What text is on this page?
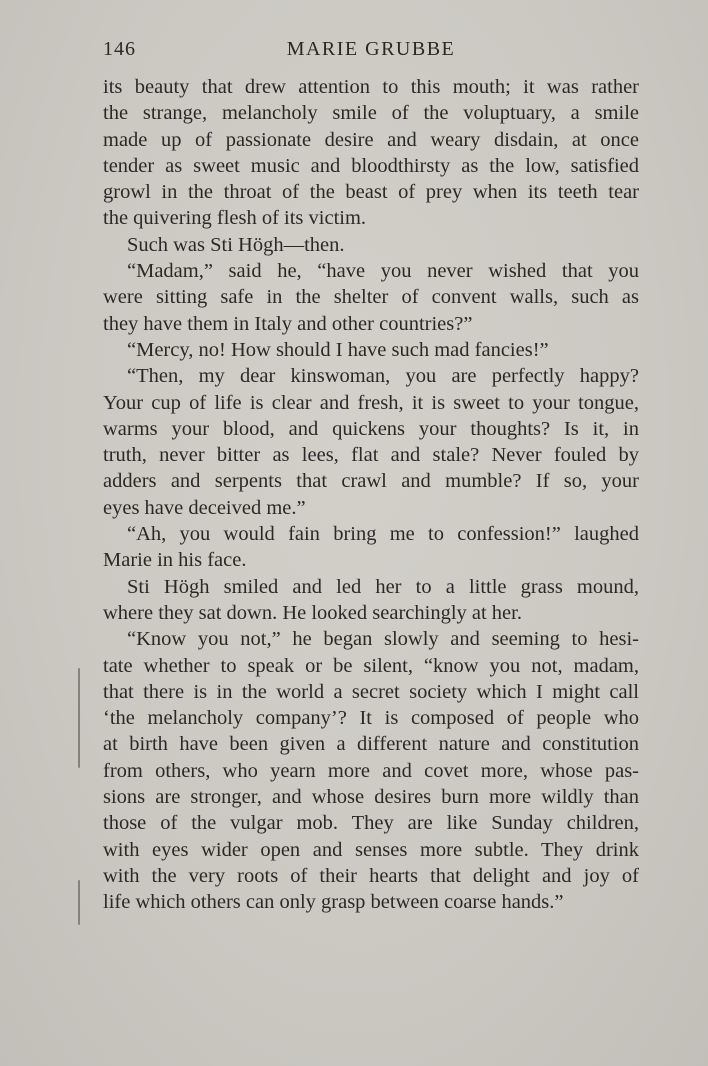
146	MARIE GRUBBE
its beauty that drew attention to this mouth; it was rather
the strange, melancholy smile of the voluptuary, a smile
made up of passionate desire and weary disdain, at once
tender as sweet music and bloodthirsty as the low, satisfied
growl in the throat of the beast of prey when its teeth tear
the quivering flesh of its victim.
Such was Sti Högh—then.
“Madam,” said he, “have you never wished that you
were sitting safe in the shelter of convent walls, such as
they have them in Italy and other countries?”
“Mercy, no! How should I have such mad fancies!”
“Then, my dear kinswoman, you are perfectly happy?
Your cup of life is clear and fresh, it is sweet to your tongue,
warms your blood, and quickens your thoughts? Is it, in
truth, never bitter as lees, flat and stale? Never fouled by
adders and serpents that crawl and mumble? If so, your
eyes have deceived me.”
“Ah, you would fain bring me to confession!” laughed
Marie in his face.
Sti Högh smiled and led her to a little grass mound,
where they sat down. He looked searchingly at her.
“Know you not,” he began slowly and seeming to hesi-
tate whether to speak or be silent, “know you not, madam,
that there is in the world a secret society which I might call
‘the melancholy company’? It is composed of people who
at birth have been given a different nature and constitution
from others, who yearn more and covet more, whose pas-
sions are stronger, and whose desires burn more wildly than
those of the vulgar mob. They are like Sunday children,
with eyes wider open and senses more subtle. They drink
with the very roots of their hearts that delight and joy of
life which others can only grasp between coarse hands.”
